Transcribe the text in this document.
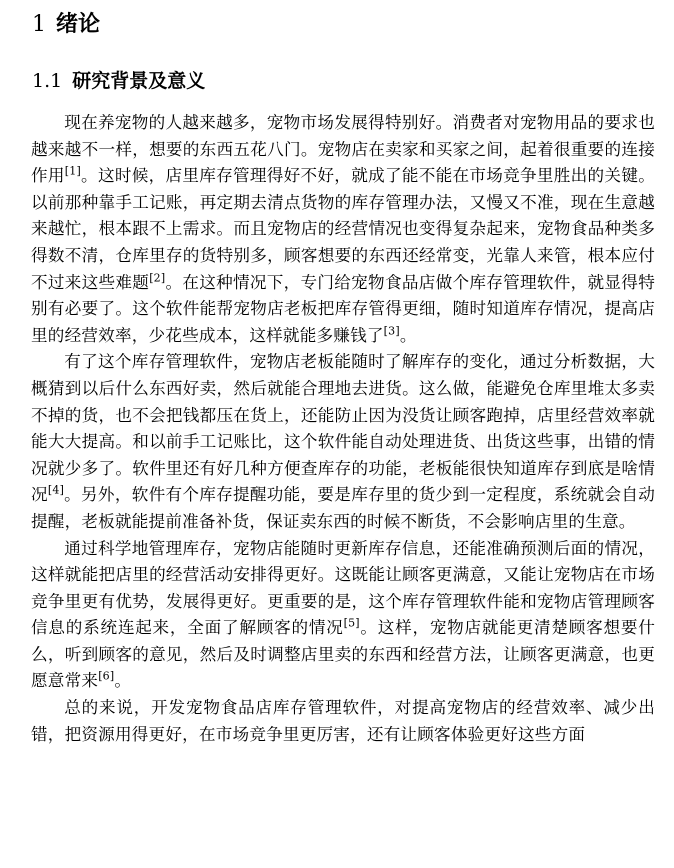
1 绪论
1.1 研究背景及意义

现在养宠物的人越来越多，宠物市场发展得特别好。消费者对宠物用品的要求也越来越不一样，想要的东西五花八门。宠物店在卖家和买家之间，起着很重要的连接作用[1]。这时候，店里库存管理得好不好，就成了能不能在市场竞争里胜出的关键。以前那种靠手工记账，再定期去清点货物的库存管理办法，又慢又不准，现在生意越来越忙，根本跟不上需求。而且宠物店的经营情况也变得复杂起来，宠物食品种类多得数不清，仓库里存的货特别多，顾客想要的东西还经常变，光靠人来管，根本应付不过来这些难题[2]。在这种情况下，专门给宠物食品店做个库存管理软件，就显得特别有必要了。这个软件能帮宠物店老板把库存管得更细，随时知道库存情况，提高店里的经营效率，少花些成本，这样就能多赚钱了[3]。

有了这个库存管理软件，宠物店老板能随时了解库存的变化，通过分析数据，大概猜到以后什么东西好卖，然后就能合理地去进货。这么做，能避免仓库里堆太多卖不掉的货，也不会把钱都压在货上，还能防止因为没货让顾客跑掉，店里经营效率就能大大提高。和以前手工记账比，这个软件能自动处理进货、出货这些事，出错的情况就少多了。软件里还有好几种方便查库存的功能，老板能很快知道库存到底是啥情况[4]。另外，软件有个库存提醒功能，要是库存里的货少到一定程度，系统就会自动提醒，老板就能提前准备补货，保证卖东西的时候不断货，不会影响店里的生意。

通过科学地管理库存，宠物店能随时更新库存信息，还能准确预测后面的情况，这样就能把店里的经营活动安排得更好。这既能让顾客更满意，又能让宠物店在市场竞争里更有优势，发展得更好。更重要的是，这个库存管理软件能和宠物店管理顾客信息的系统连起来，全面了解顾客的情况[5]。这样，宠物店就能更清楚顾客想要什么，听到顾客的意见，然后及时调整店里卖的东西和经营方法，让顾客更满意，也更愿意常来[6]。

总的来说，开发宠物食品店库存管理软件，对提高宠物店的经营效率、减少出错，把资源用得更好，在市场竞争里更厉害，还有让顾客体验更好这些方面
